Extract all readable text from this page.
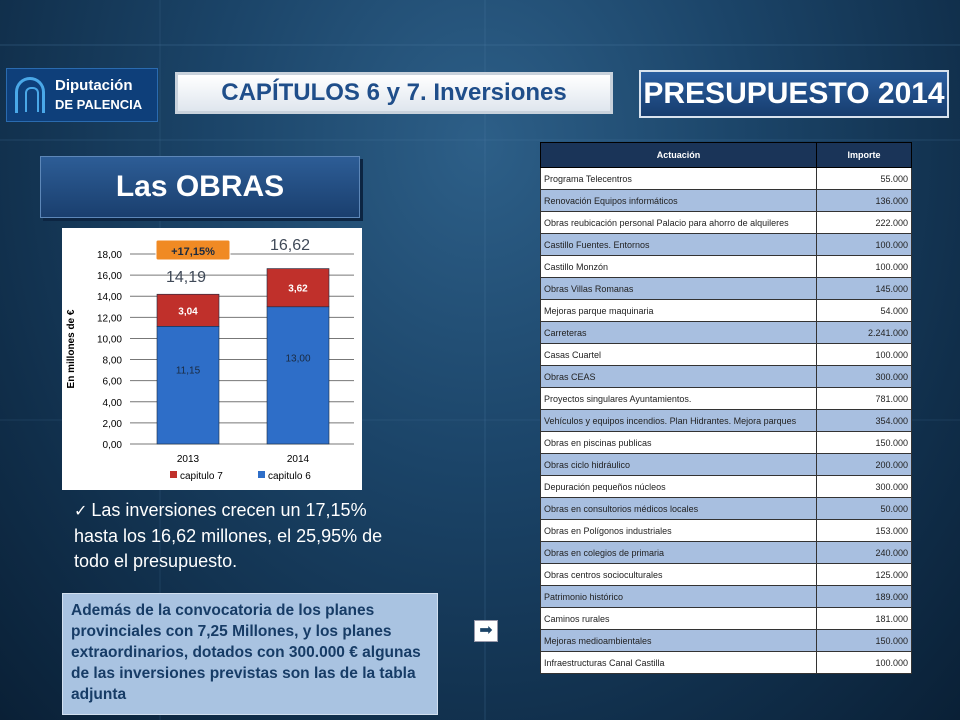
Diputación
DE PALENCIA	CAPÍTULOS 6 y 7. Inversiones	PRESUPUESTO 2014
Las OBRAS
0,00
2,00
4,00
6,00
8,00
10,00
12,00
14,00
16,00
18,00
En millones de €	11,15
3,04
2013
13,00
3,62
2014
14,19
16,62
+17,15%
capitulo 7	capitulo 6
✓ Las inversiones crecen un 17,15% hasta los 16,62 millones, el 25,95% de todo el presupuesto.
Además de la convocatoria de los planes provinciales con 7,25 Millones, y los planes extraordinarios, dotados con 300.000 € algunas de las inversiones previstas son las de la tabla adjunta
➡
Actuación	Importe
Programa Telecentros	55.000
Renovación Equipos informáticos	136.000
Obras reubicación personal Palacio para ahorro de alquileres	222.000
Castillo Fuentes. Entornos	100.000
Castillo Monzón	100.000
Obras Villas Romanas	145.000
Mejoras parque maquinaria	54.000
Carreteras	2.241.000
Casas Cuartel	100.000
Obras CEAS	300.000
Proyectos singulares Ayuntamientos.	781.000
Vehículos y equipos incendios. Plan Hidrantes. Mejora parques	354.000
Obras en piscinas publicas	150.000
Obras ciclo hidráulico	200.000
Depuración pequeños núcleos	300.000
Obras en consultorios médicos locales	50.000
Obras en Polígonos industriales	153.000
Obras en colegios de primaria	240.000
Obras centros socioculturales	125.000
Patrimonio histórico	189.000
Caminos rurales	181.000
Mejoras medioambientales	150.000
Infraestructuras Canal Castilla	100.000
